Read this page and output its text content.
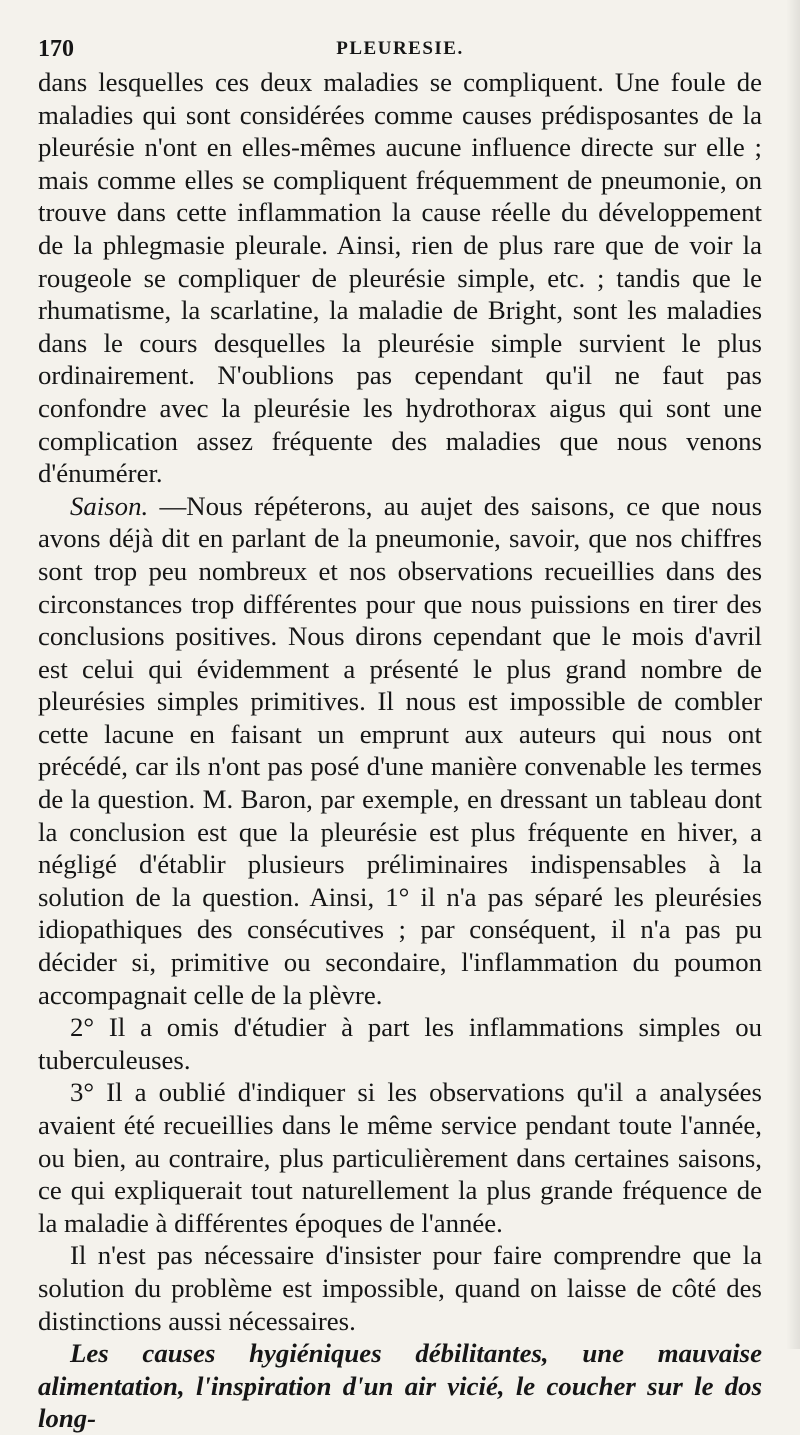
170	PLEURESIE.

dans lesquelles ces deux maladies se compliquent. Une foule de maladies qui sont considérées comme causes prédisposantes de la pleurésie n'ont en elles-mêmes aucune influence directe sur elle ; mais comme elles se compliquent fréquemment de pneumonie, on trouve dans cette inflammation la cause réelle du développement de la phlegmasie pleurale. Ainsi, rien de plus rare que de voir la rougeole se compliquer de pleurésie simple, etc. ; tandis que le rhumatisme, la scarlatine, la maladie de Bright, sont les maladies dans le cours desquelles la pleurésie simple survient le plus ordinairement. N'oublions pas cependant qu'il ne faut pas confondre avec la pleurésie les hydrothorax aigus qui sont une complication assez fréquente des maladies que nous venons d'énumérer.

Saison. —Nous répéterons, au aujet des saisons, ce que nous avons déjà dit en parlant de la pneumonie, savoir, que nos chiffres sont trop peu nombreux et nos observations recueillies dans des circonstances trop différentes pour que nous puissions en tirer des conclusions positives. Nous dirons cependant que le mois d'avril est celui qui évidemment a présenté le plus grand nombre de pleurésies simples primitives. Il nous est impossible de combler cette lacune en faisant un emprunt aux auteurs qui nous ont précédé, car ils n'ont pas posé d'une manière convenable les termes de la question. M. Baron, par exemple, en dressant un tableau dont la conclusion est que la pleurésie est plus fréquente en hiver, a négligé d'établir plusieurs préliminaires indispensables à la solution de la question. Ainsi, 1° il n'a pas séparé les pleurésies idiopathiques des consécutives ; par conséquent, il n'a pas pu décider si, primitive ou secondaire, l'inflammation du poumon accompagnait celle de la plèvre.

2° Il a omis d'étudier à part les inflammations simples ou tuberculeuses.

3° Il a oublié d'indiquer si les observations qu'il a analysées avaient été recueillies dans le même service pendant toute l'année, ou bien, au contraire, plus particulièrement dans certaines saisons, ce qui expliquerait tout naturellement la plus grande fréquence de la maladie à différentes époques de l'année.

Il n'est pas nécessaire d'insister pour faire comprendre que la solution du problème est impossible, quand on laisse de côté des distinctions aussi nécessaires.

Les causes hygiéniques débilitantes, une mauvaise alimentation, l'inspiration d'un air vicié, le coucher sur le dos long-
